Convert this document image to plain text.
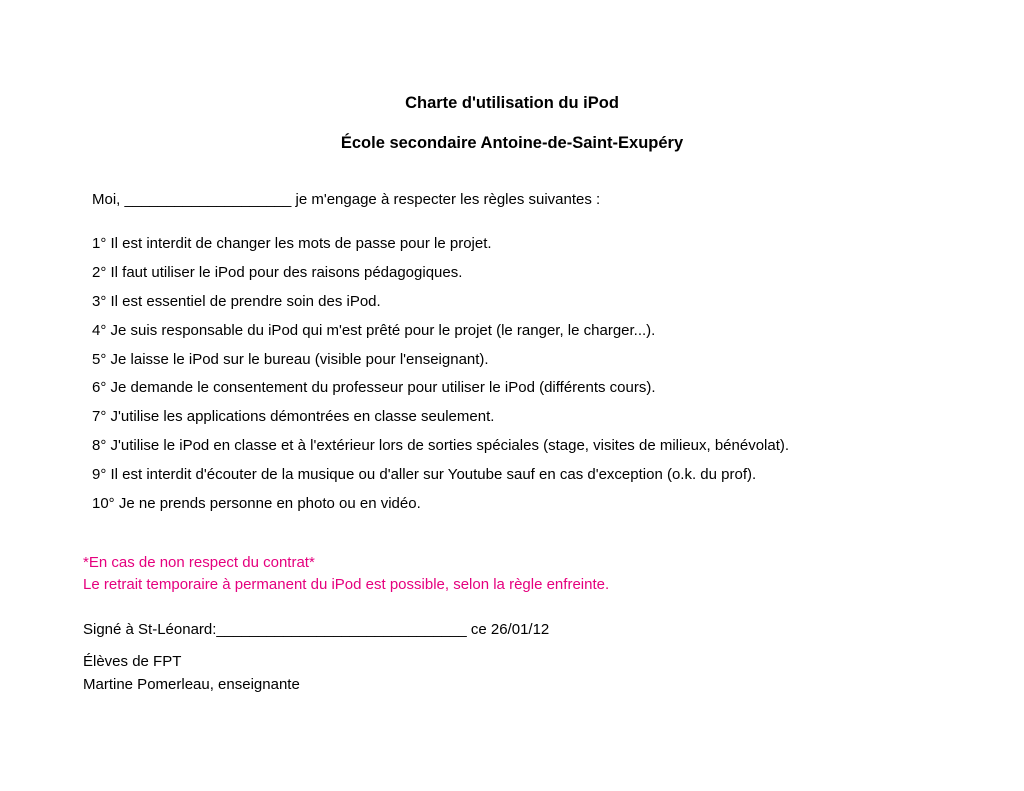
Charte d'utilisation du iPod
École secondaire Antoine-de-Saint-Exupéry
Moi, ____________________ je m'engage à respecter les règles suivantes :
1° Il est interdit de changer les mots de passe pour le projet.
2° Il faut utiliser le iPod pour des raisons pédagogiques.
3° Il est essentiel de prendre soin des iPod.
4° Je suis responsable du iPod qui m'est prêté pour le projet (le ranger, le charger...).
5° Je laisse le iPod sur le bureau (visible pour l'enseignant).
6° Je demande le consentement du professeur pour utiliser le iPod (différents cours).
7° J'utilise les applications démontrées en classe seulement.
8° J'utilise le iPod en classe et à l'extérieur lors de sorties spéciales (stage, visites de milieux, bénévolat).
9° Il est interdit d'écouter de la musique ou d'aller sur Youtube sauf en cas d'exception (o.k. du prof).
10° Je ne prends personne en photo ou en vidéo.
*En cas de non respect du contrat*
Le retrait temporaire à permanent du iPod est possible, selon la règle enfreinte.
Signé à St-Léonard:______________________________ ce 26/01/12
Élèves de FPT
Martine Pomerleau, enseignante
